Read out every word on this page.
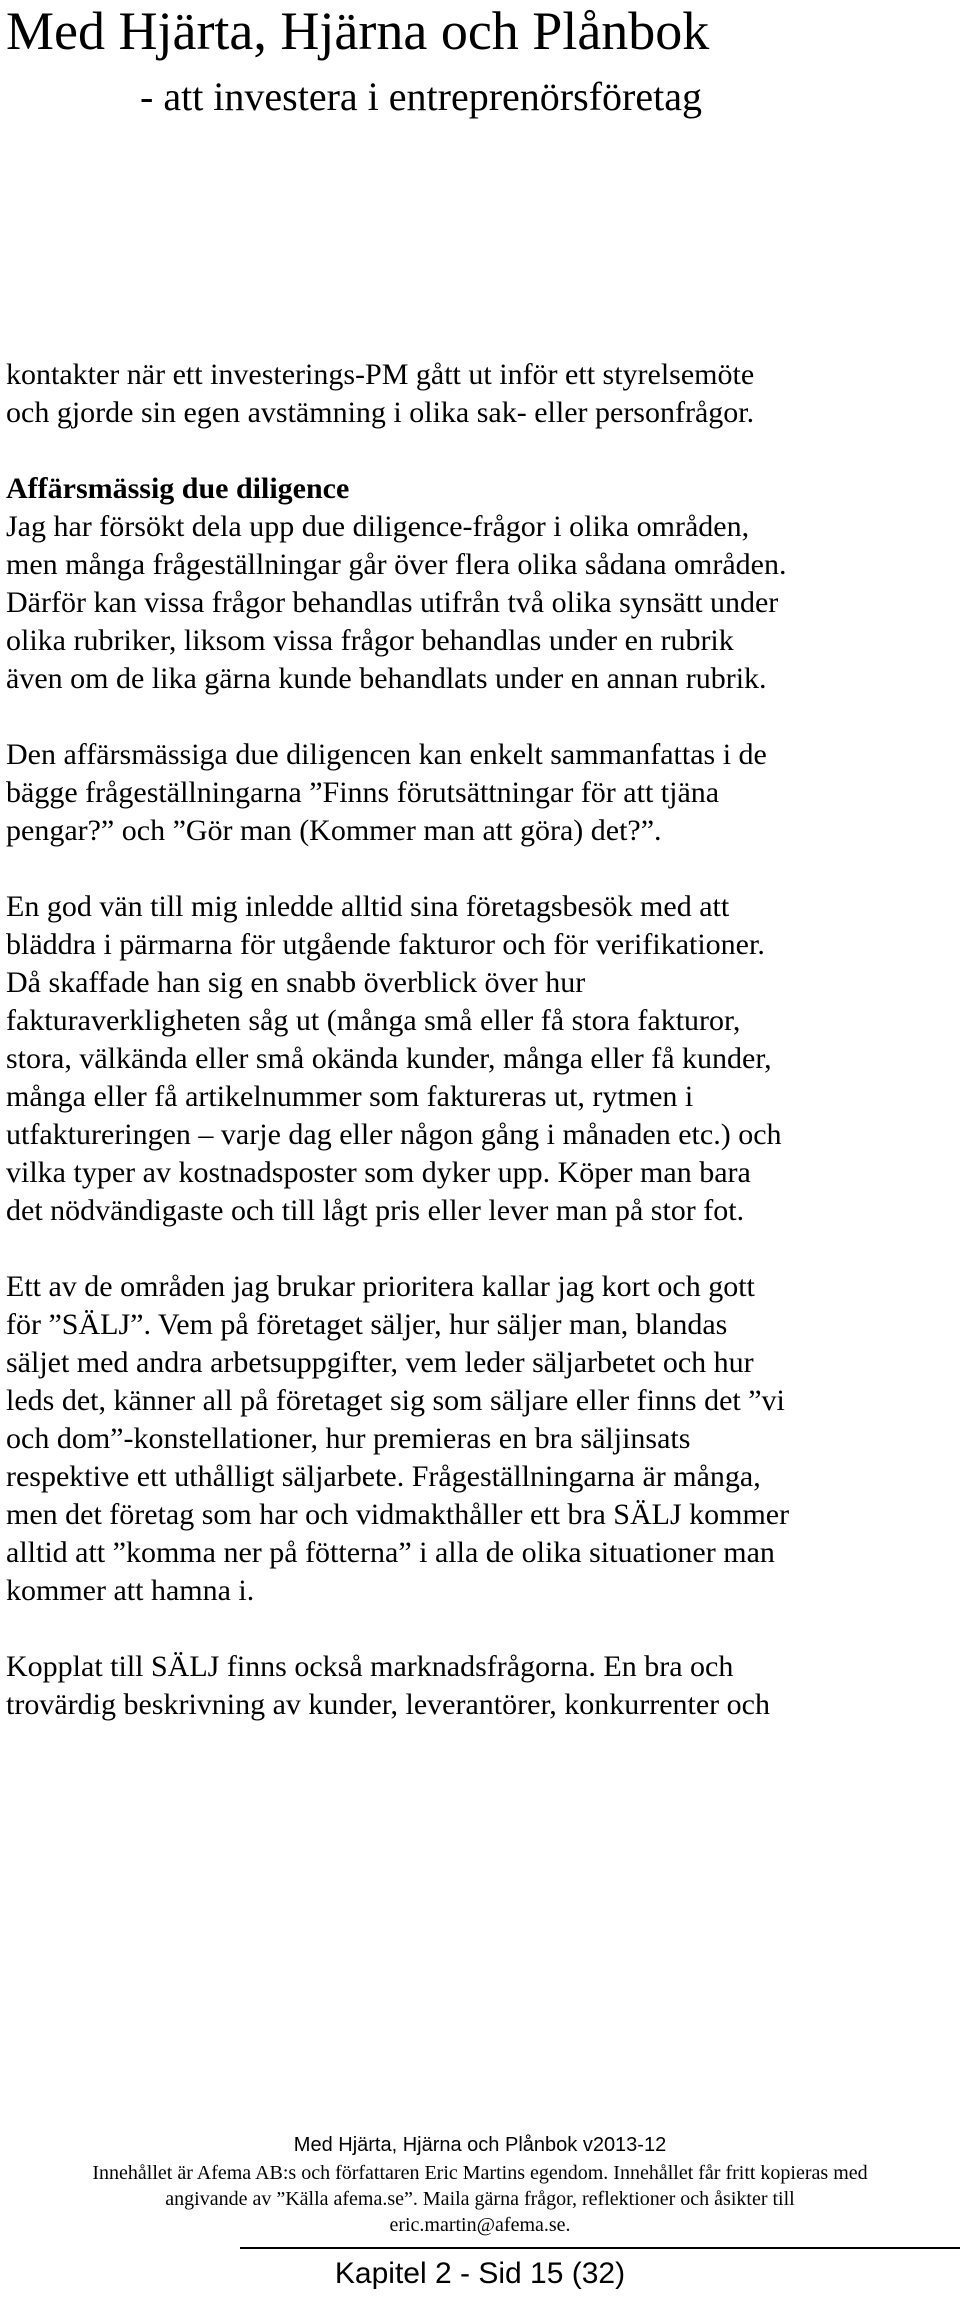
Med Hjärta, Hjärna och Plånbok
- att investera i entreprenörsföretag

kontakter när ett investerings-PM gått ut inför ett styrelsemöte
och gjorde sin egen avstämning i olika sak- eller personfrågor.

Affärsmässig due diligence
Jag har försökt dela upp due diligence-frågor i olika områden,
men många frågeställningar går över flera olika sådana områden.
Därför kan vissa frågor behandlas utifrån två olika synsätt under
olika rubriker, liksom vissa frågor behandlas under en rubrik
även om de lika gärna kunde behandlats under en annan rubrik.

Den affärsmässiga due diligencen kan enkelt sammanfattas i de
bägge frågeställningarna ”Finns förutsättningar för att tjäna
pengar?” och ”Gör man (Kommer man att göra) det?”.

En god vän till mig inledde alltid sina företagsbesök med att
bläddra i pärmarna för utgående fakturor och för verifikationer.
Då skaffade han sig en snabb överblick över hur
fakturaverkligheten såg ut (många små eller få stora fakturor,
stora, välkända eller små okända kunder, många eller få kunder,
många eller få artikelnummer som faktureras ut, rytmen i
utfaktureringen – varje dag eller någon gång i månaden etc.) och
vilka typer av kostnadsposter som dyker upp. Köper man bara
det nödvändigaste och till lågt pris eller lever man på stor fot.

Ett av de områden jag brukar prioritera kallar jag kort och gott
för ”SÄLJ”. Vem på företaget säljer, hur säljer man, blandas
säljet med andra arbetsuppgifter, vem leder säljarbetet och hur
leds det, känner all på företaget sig som säljare eller finns det ”vi
och dom”-konstellationer, hur premieras en bra säljinsats
respektive ett uthålligt säljarbete. Frågeställningarna är många,
men det företag som har och vidmakthåller ett bra SÄLJ kommer
alltid att ”komma ner på fötterna” i alla de olika situationer man
kommer att hamna i.

Kopplat till SÄLJ finns också marknadsfrågorna. En bra och
trovärdig beskrivning av kunder, leverantörer, konkurrenter och

Med Hjärta, Hjärna och Plånbok v2013-12
Innehållet är Afema AB:s och författaren Eric Martins egendom. Innehållet får fritt kopieras med
angivande av ”Källa afema.se”. Maila gärna frågor, reflektioner och åsikter till
eric.martin@afema.se.
Kapitel 2 - Sid 15 (32)
